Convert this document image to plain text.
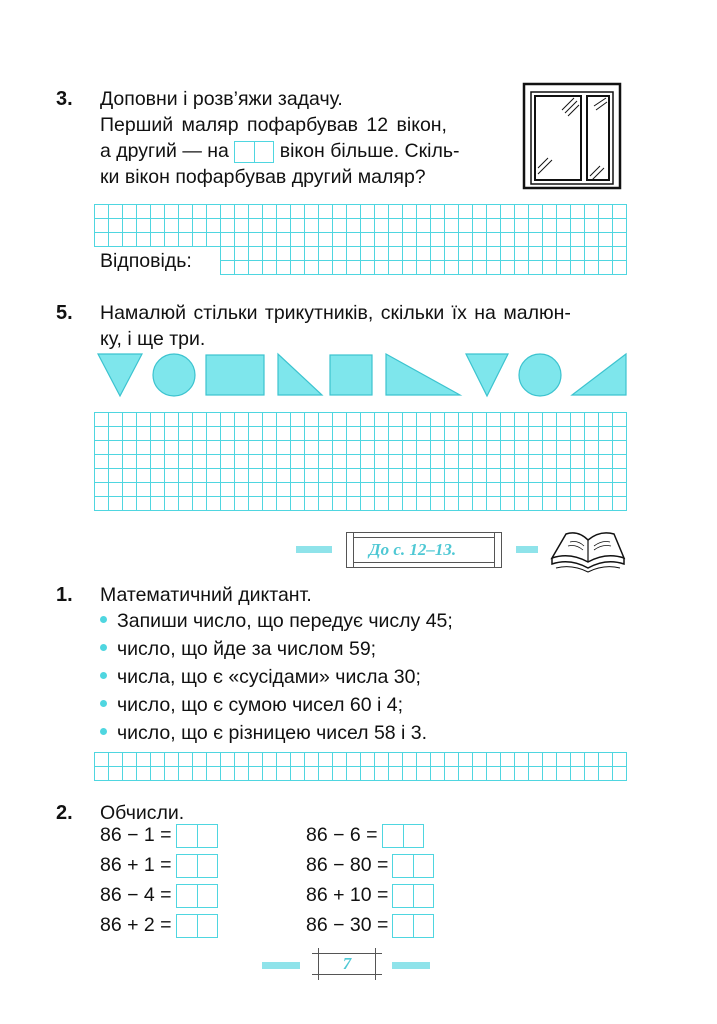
3. Доповни і розв’яжи задачу.
Перший маляр пофарбував 12 вікон,
а другий — на	вікон більше. Скіль-
ки вікон пофарбував другий маляр?
Відповідь:
5. Намалюй стільки трикутників, скільки їх на малюн-
ку, і ще три.
До с. 12–13.
1. Математичний диктант.
Запиши число, що передує числу 45;
число, що йде за числом 59;
числа, що є «сусідами» числа 30;
число, що є сумою чисел 60 і 4;
число, що є різницею чисел 58 і 3.
2. Обчисли.
86 − 1 =
86 + 1 =
86 − 4 =
86 + 2 =
86 − 6 =
86 − 80 =
86 + 10 =
86 − 30 =
7
